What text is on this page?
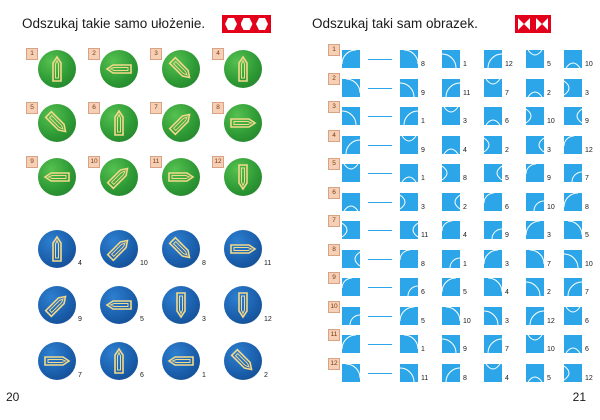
Odszukaj takie samo ułożenie.
1	2	3	4
5	6	7	8
9	10	11	12
4	10	8	11
9	5	3	12
7	6	1	2
20
Odszukaj taki sam obrazek.
1
8	1	12	5	10
2
9	11	7	2	3
3
1	3	6	10	9
4
9	4	2	3	12
5
1	8	5	9	7
6
3	2	6	10	8
7
11	4	9	3	5
8
8	1	3	7	10
9
6	5	4	2	7
10
5	10	3	12	6
11
1	9	7	10	6
12
11	8	4	5	12
21
